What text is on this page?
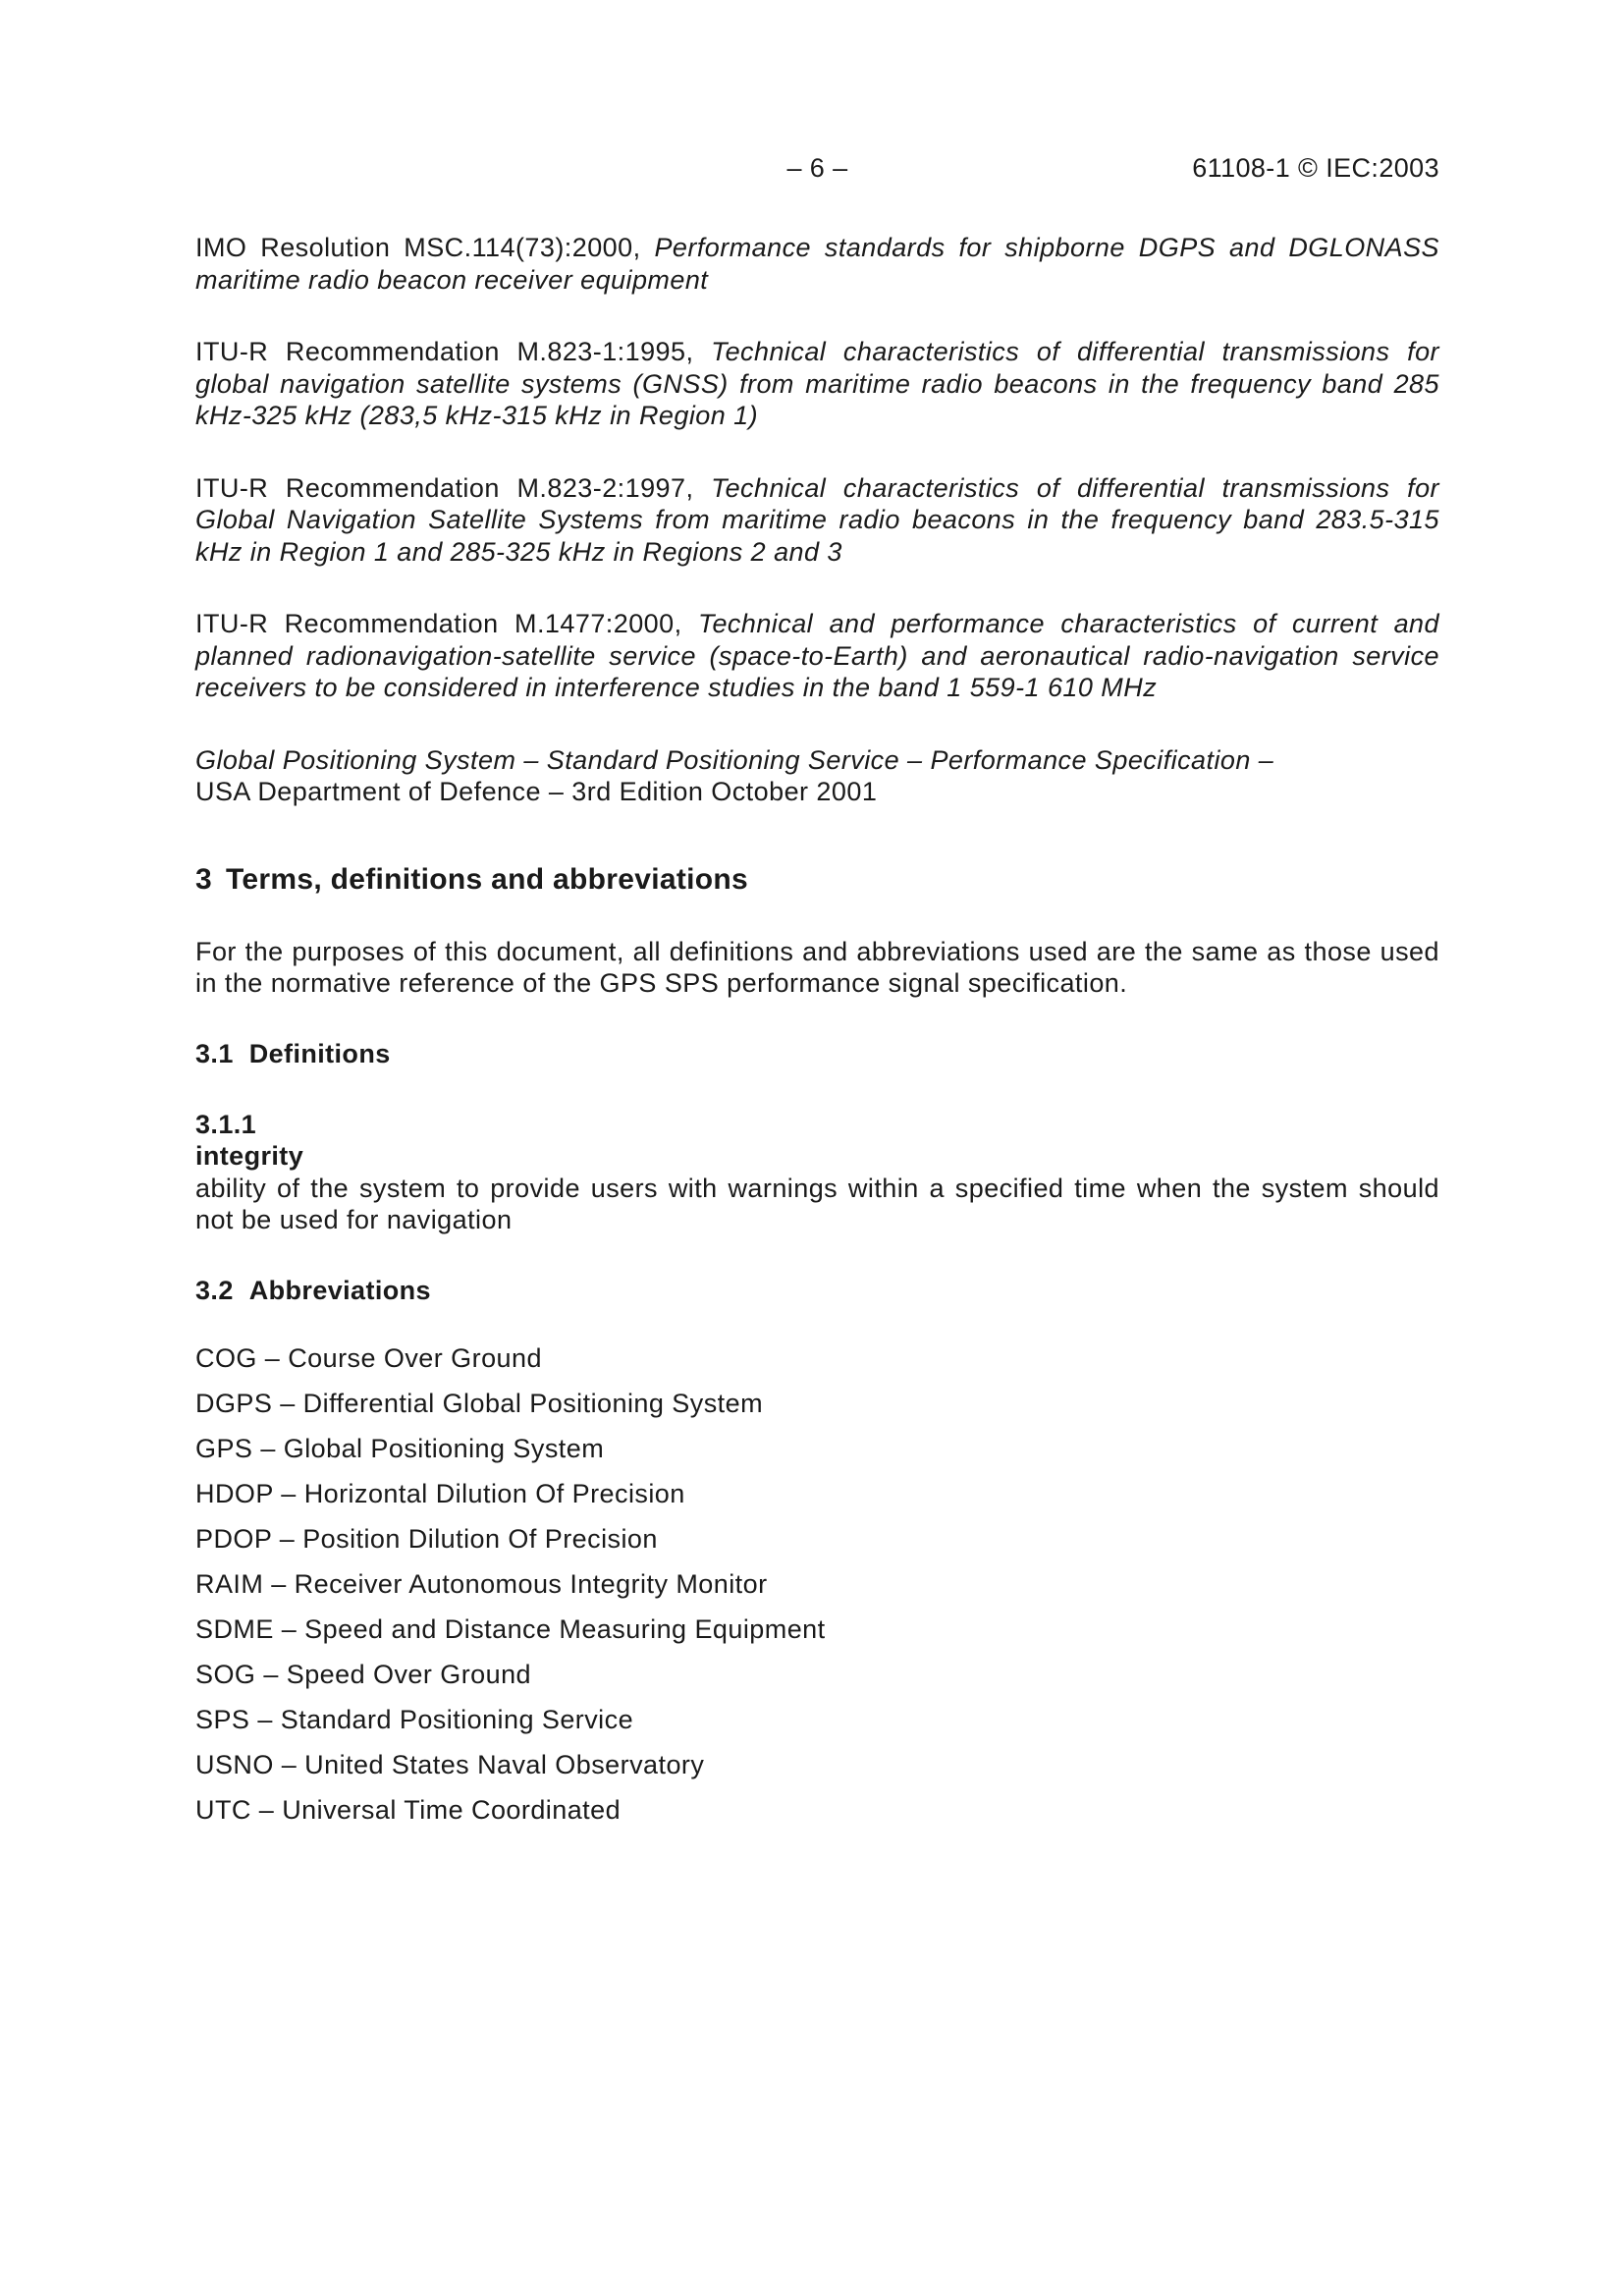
– 6 –	61108-1 © IEC:2003

IMO Resolution MSC.114(73):2000, Performance standards for shipborne DGPS and DGLONASS maritime radio beacon receiver equipment

ITU-R Recommendation M.823-1:1995, Technical characteristics of differential transmissions for global navigation satellite systems (GNSS) from maritime radio beacons in the frequency band 285 kHz-325 kHz (283,5 kHz-315 kHz in Region 1)

ITU-R Recommendation M.823-2:1997, Technical characteristics of differential transmissions for Global Navigation Satellite Systems from maritime radio beacons in the frequency band 283.5-315 kHz in Region 1 and 285-325 kHz in Regions 2 and 3

ITU-R Recommendation M.1477:2000, Technical and performance characteristics of current and planned radionavigation-satellite service (space-to-Earth) and aeronautical radio-navigation service receivers to be considered in interference studies in the band 1 559-1 610 MHz

Global Positioning System – Standard Positioning Service – Performance Specification –
USA Department of Defence – 3rd Edition October 2001

3 Terms, definitions and abbreviations

For the purposes of this document, all definitions and abbreviations used are the same as those used in the normative reference of the GPS SPS performance signal specification.

3.1 Definitions

3.1.1

integrity

ability of the system to provide users with warnings within a specified time when the system should not be used for navigation

3.2 Abbreviations
COG – Course Over Ground
DGPS – Differential Global Positioning System
GPS – Global Positioning System
HDOP – Horizontal Dilution Of Precision
PDOP – Position Dilution Of Precision
RAIM – Receiver Autonomous Integrity Monitor
SDME – Speed and Distance Measuring Equipment
SOG – Speed Over Ground
SPS – Standard Positioning Service
USNO – United States Naval Observatory
UTC – Universal Time Coordinated
